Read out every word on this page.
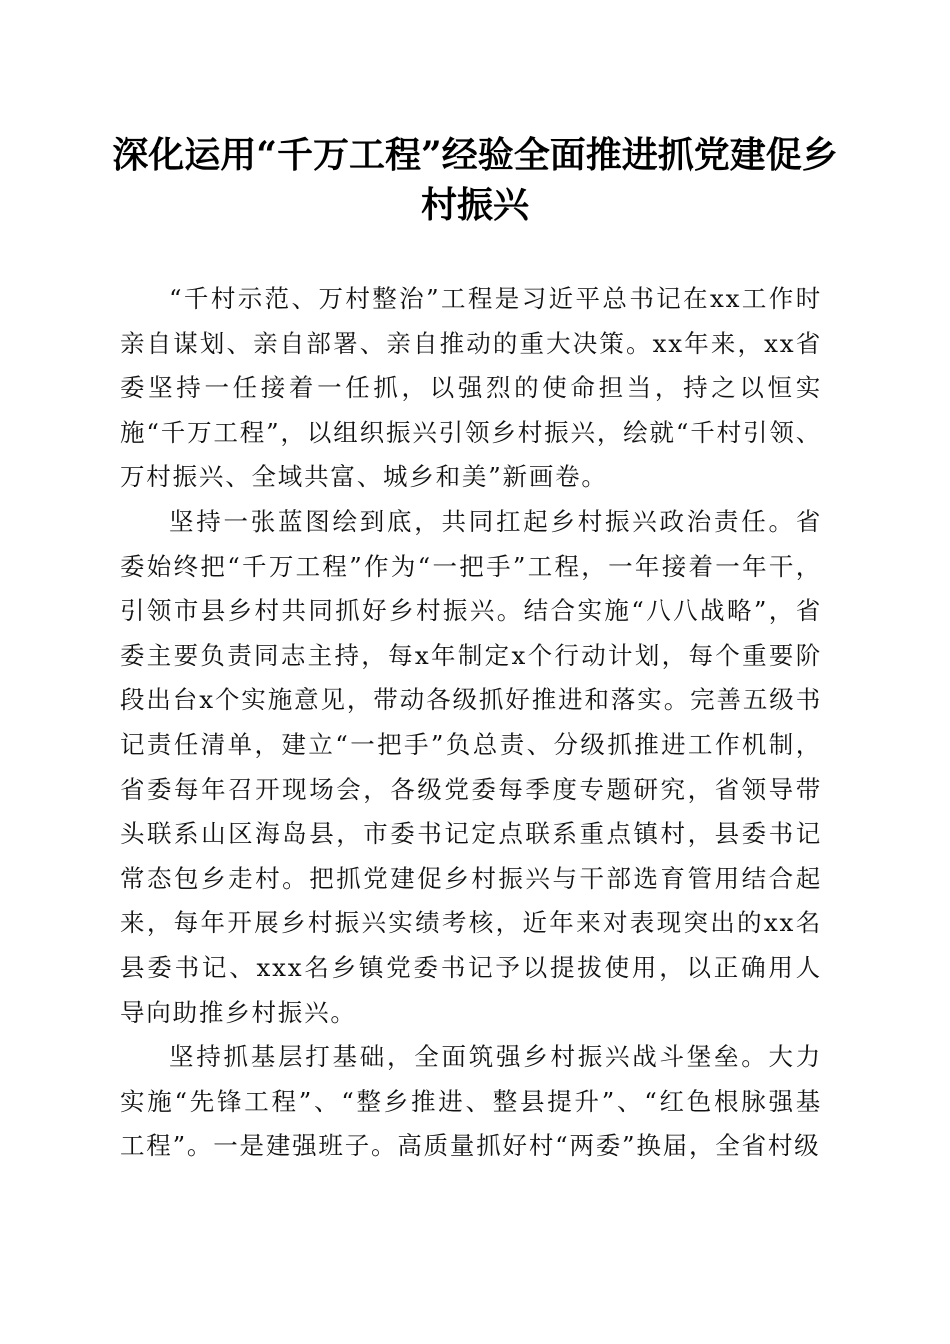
深化运用“千万工程”经验全面推进抓党建促乡村振兴

“千村示范、万村整治”工程是习近平总书记在xx工作时亲自谋划、亲自部署、亲自推动的重大决策。xx年来，xx省委坚持一任接着一任抓，以强烈的使命担当，持之以恒实施“千万工程”，以组织振兴引领乡村振兴，绘就“千村引领、万村振兴、全域共富、城乡和美”新画卷。

坚持一张蓝图绘到底，共同扛起乡村振兴政治责任。省委始终把“千万工程”作为“一把手”工程，一年接着一年干，引领市县乡村共同抓好乡村振兴。结合实施“八八战略”，省委主要负责同志主持，每x年制定x个行动计划，每个重要阶段出台x个实施意见，带动各级抓好推进和落实。完善五级书记责任清单，建立“一把手”负总责、分级抓推进工作机制，省委每年召开现场会，各级党委每季度专题研究，省领导带头联系山区海岛县，市委书记定点联系重点镇村，县委书记常态包乡走村。把抓党建促乡村振兴与干部选育管用结合起来，每年开展乡村振兴实绩考核，近年来对表现突出的xx名县委书记、xxx名乡镇党委书记予以提拔使用，以正确用人导向助推乡村振兴。

坚持抓基层打基础，全面筑强乡村振兴战斗堡垒。大力实施“先锋工程”、“整乡推进、整县提升”、“红色根脉强基工程”。一是建强班子。高质量抓好村“两委”换届，全省村级
